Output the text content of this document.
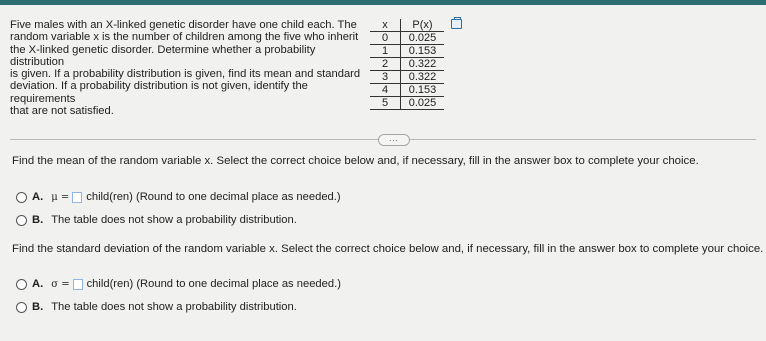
Five males with an X-linked genetic disorder have one child each. The

random variable x is the number of children among the five who inherit

the X-linked genetic disorder. Determine whether a probability distribution

is given. If a probability distribution is given, find its mean and standard

deviation. If a probability distribution is not given, identify the requirements

that are not satisfied.

x	P(x)
0	0.025
1	0.153
2	0.322
3	0.322
4	0.153
5	0.025
...
Find the mean of the random variable x. Select the correct choice below and, if necessary, fill in the answer box to complete your choice.
A. μ = child(ren) (Round to one decimal place as needed.)
B. The table does not show a probability distribution.
Find the standard deviation of the random variable x. Select the correct choice below and, if necessary, fill in the answer box to complete your choice.
A. σ = child(ren) (Round to one decimal place as needed.)
B. The table does not show a probability distribution.
